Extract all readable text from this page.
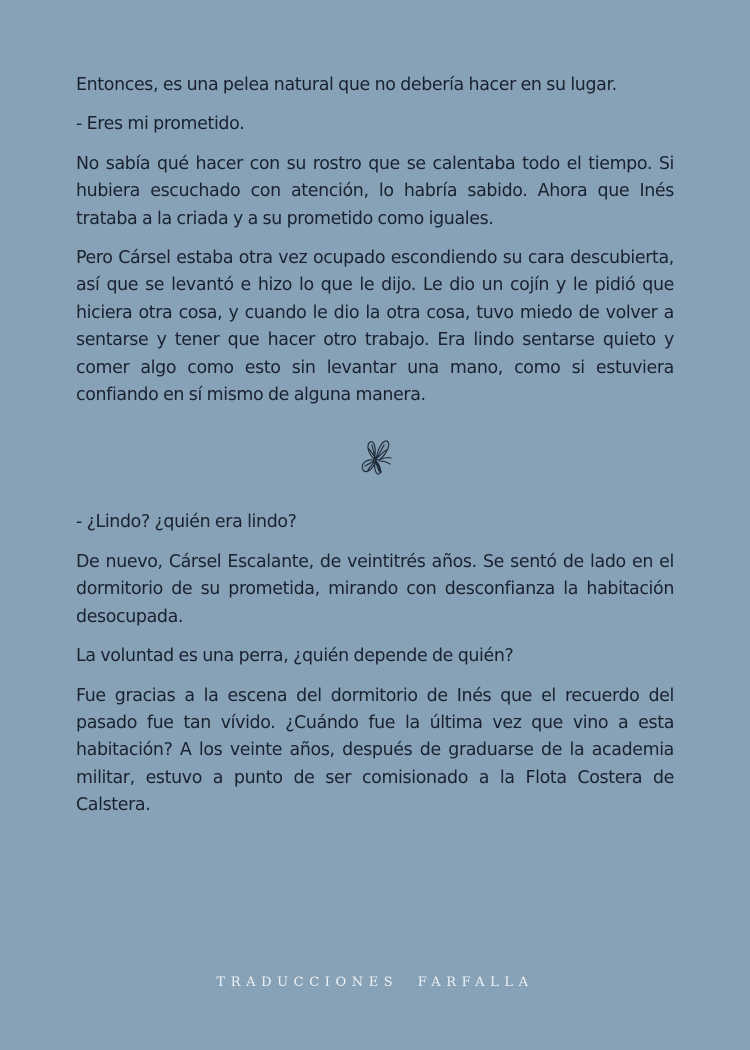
Entonces, es una pelea natural que no debería hacer en su lugar.

- Eres mi prometido.

No sabía qué hacer con su rostro que se calentaba todo el tiempo. Si hubiera escuchado con atención, lo habría sabido. Ahora que Inés trataba a la criada y a su prometido como iguales.

Pero Cársel estaba otra vez ocupado escondiendo su cara descubierta, así que se levantó e hizo lo que le dijo. Le dio un cojín y le pidió que hiciera otra cosa, y cuando le dio la otra cosa, tuvo miedo de volver a sentarse y tener que hacer otro trabajo. Era lindo sentarse quieto y comer algo como esto sin levantar una mano, como si estuviera confiando en sí mismo de alguna manera.

- ¿Lindo? ¿quién era lindo?

De nuevo, Cársel Escalante, de veintitrés años. Se sentó de lado en el dormitorio de su prometida, mirando con desconfianza la habitación desocupada.

La voluntad es una perra, ¿quién depende de quién?

Fue gracias a la escena del dormitorio de Inés que el recuerdo del pasado fue tan vívido. ¿Cuándo fue la última vez que vino a esta habitación? A los veinte años, después de graduarse de la academia militar, estuvo a punto de ser comisionado a la Flota Costera de Calstera.

TRADUCCIONES  FARFALLA
